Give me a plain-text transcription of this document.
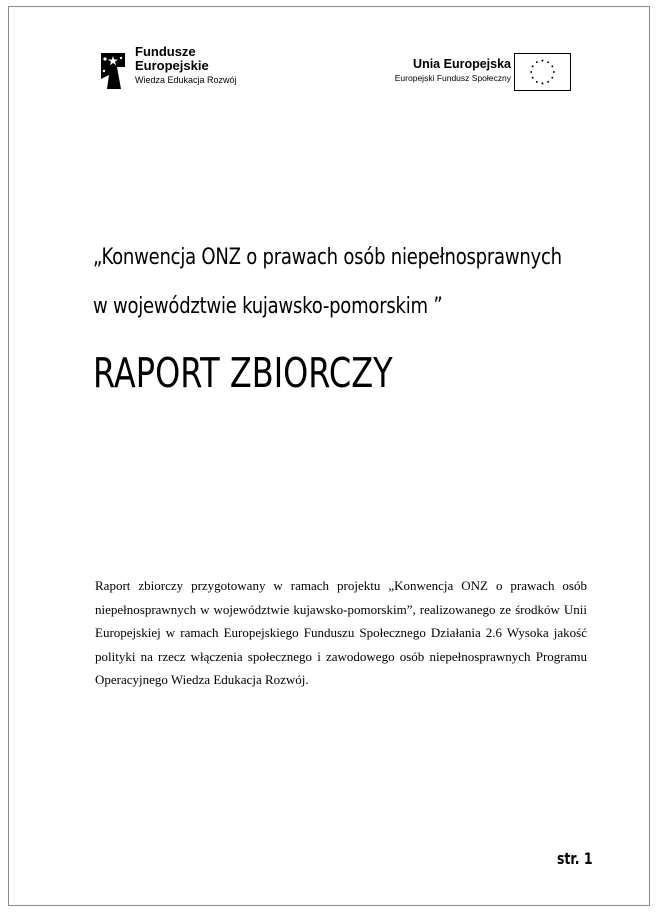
Fundusze
Europejskie
Wiedza Edukacja Rozwój
Unia Europejska
Europejski Fundusz Społeczny
„Konwencja ONZ o prawach osób niepełnosprawnych
w województwie kujawsko-pomorskim ”
RAPORT ZBIORCZY
Raport zbiorczy przygotowany w ramach projektu „Konwencja ONZ o prawach osób niepełnosprawnych w województwie kujawsko-pomorskim”, realizowanego ze środków Unii Europejskiej w ramach Europejskiego Funduszu Społecznego Działania 2.6 Wysoka jakość polityki na rzecz włączenia społecznego i zawodowego osób niepełnosprawnych Programu Operacyjnego Wiedza Edukacja Rozwój.
str. 1
